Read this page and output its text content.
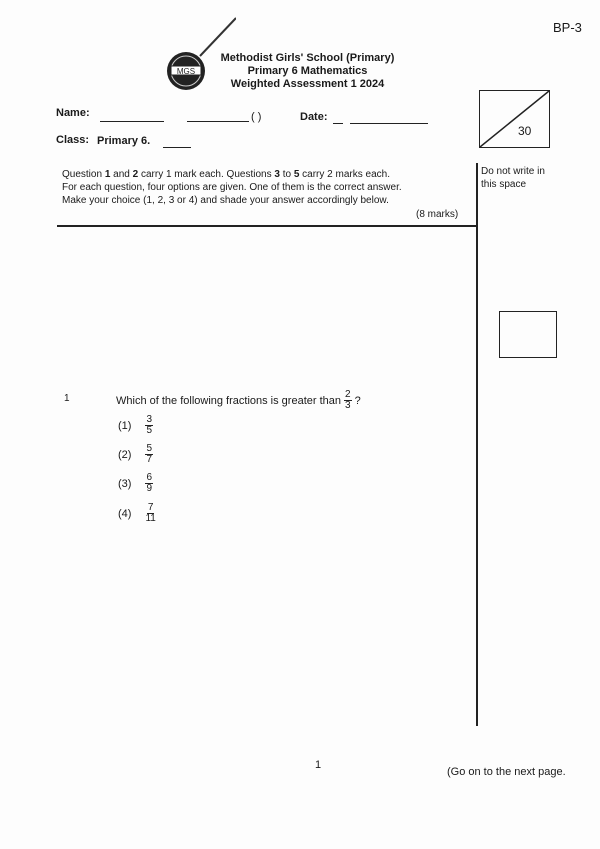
BP-3
MGS
Methodist Girls' School (Primary)
Primary 6 Mathematics
Weighted Assessment 1 2024
Name:	( )	Date:
Class: Primary 6.
30
Question 1 and 2 carry 1 mark each. Questions 3 to 5 carry 2 marks each.
For each question, four options are given. One of them is the correct answer.
Make your choice (1, 2, 3 or 4) and shade your answer accordingly below.
(8 marks)
Do not write in this space
1	Which of the following fractions is greater than $\frac{2}{3}$ ?
$(1) \frac{3}{5}$
$(2) \frac{5}{7}$
$(3) \frac{6}{9}$
$(4) \frac{7}{11}$
1
(Go on to the next page.
